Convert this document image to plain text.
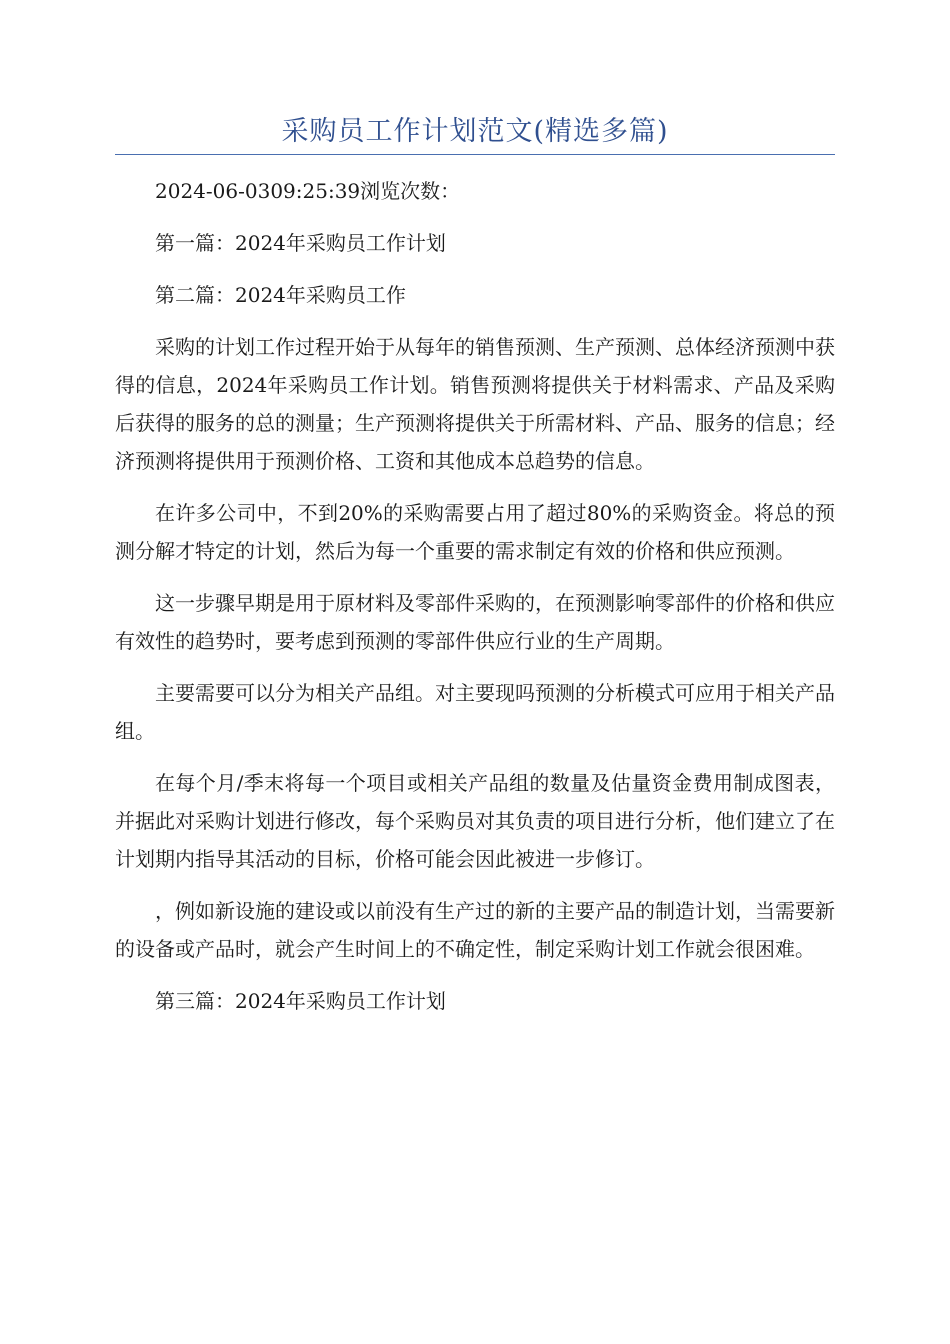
采购员工作计划范文(精选多篇)

2024-06-0309:25:39浏览次数：

第一篇：2024年采购员工作计划

第二篇：2024年采购员工作

采购的计划工作过程开始于从每年的销售预测、生产预测、总体经济预测中获得的信息，2024年采购员工作计划。销售预测将提供关于材料需求、产品及采购后获得的服务的总的测量；生产预测将提供关于所需材料、产品、服务的信息；经济预测将提供用于预测价格、工资和其他成本总趋势的信息。

在许多公司中，不到20%的采购需要占用了超过80%的采购资金。将总的预测分解才特定的计划，然后为每一个重要的需求制定有效的价格和供应预测。

这一步骤早期是用于原材料及零部件采购的，在预测影响零部件的价格和供应有效性的趋势时，要考虑到预测的零部件供应行业的生产周期。

主要需要可以分为相关产品组。对主要现吗预测的分析模式可应用于相关产品组。

在每个月/季末将每一个项目或相关产品组的数量及估量资金费用制成图表，并据此对采购计划进行修改，每个采购员对其负责的项目进行分析，他们建立了在计划期内指导其活动的目标，价格可能会因此被进一步修订。

，例如新设施的建设或以前没有生产过的新的主要产品的制造计划，当需要新的设备或产品时，就会产生时间上的不确定性，制定采购计划工作就会很困难。

第三篇：2024年采购员工作计划
